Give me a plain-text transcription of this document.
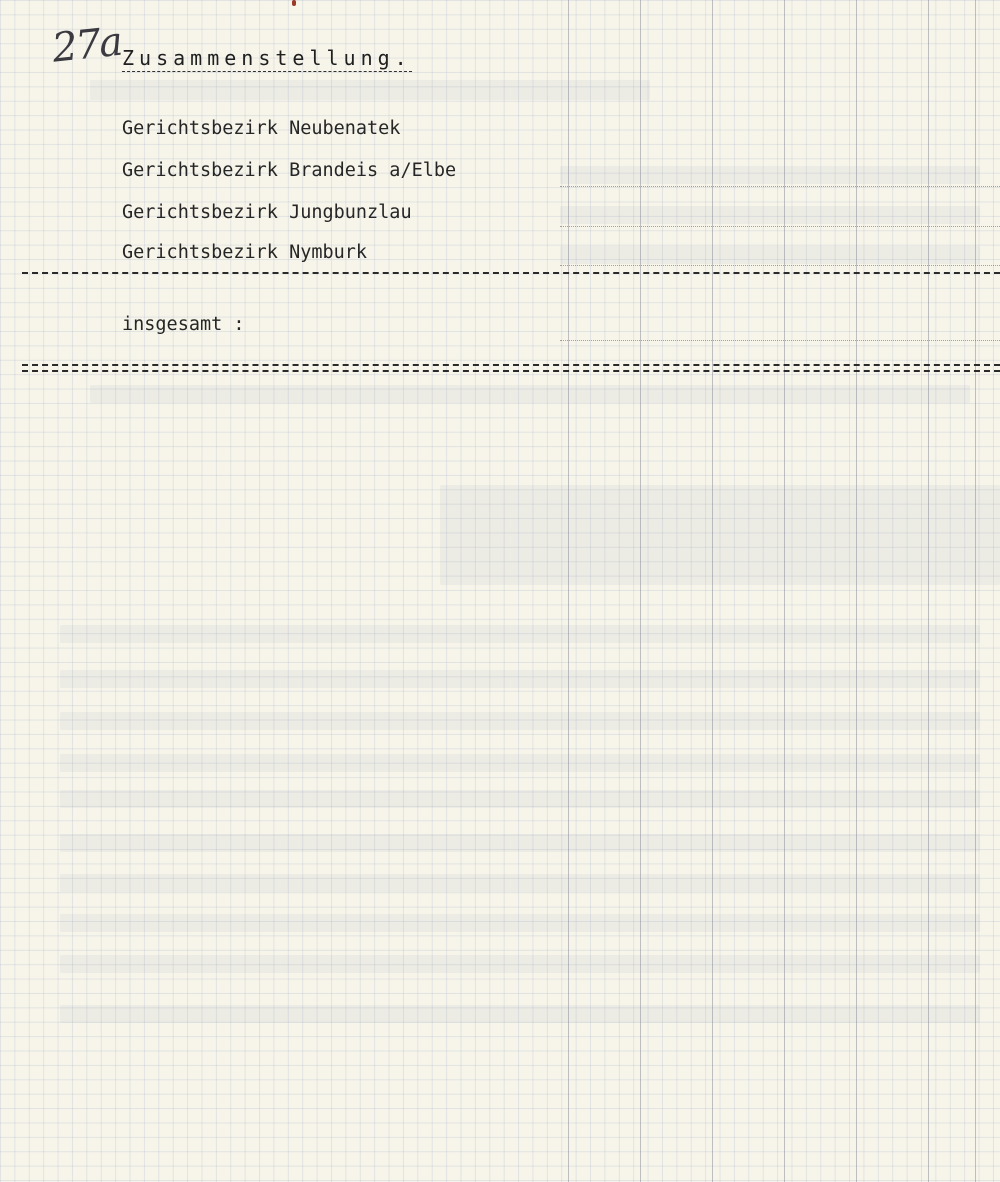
27a
Zusammenstellung.
Gerichtsbezirk Neubenatek
Gerichtsbezirk Brandeis a/Elbe
Gerichtsbezirk Jungbunzlau
Gerichtsbezirk Nymburk
insgesamt :
